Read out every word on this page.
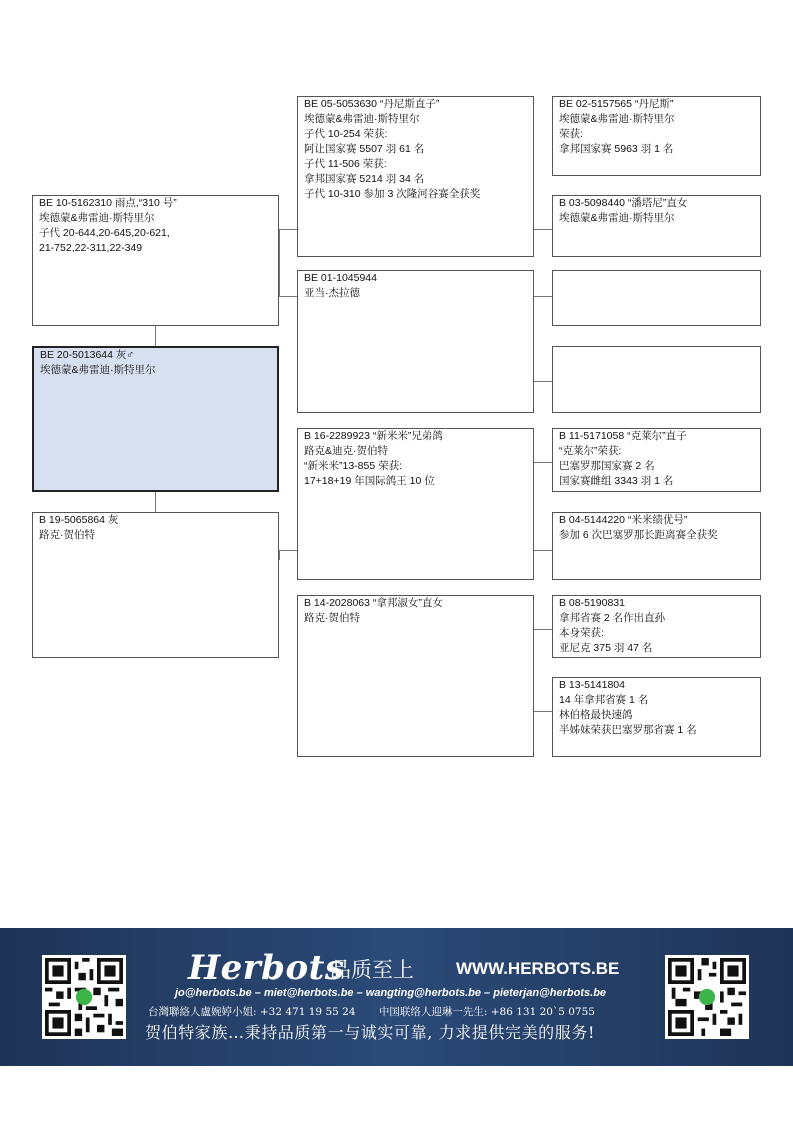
BE 10-5162310 雨点,“310 号”
埃德蒙&弗雷迪·斯特里尔
子代 20-644,20-645,20-621,
21-752,22-311,22-349
BE 20-5013644 灰♂
埃德蒙&弗雷迪·斯特里尔
B 19-5065864 灰
路克·贺伯特
BE 05-5053630 “丹尼斯直子”
埃德蒙&弗雷迪·斯特里尔
子代 10-254 荣获:
阿让国家赛 5507 羽 61 名
子代 11-506 荣获:
拿邦国家赛 5214 羽 34 名
子代 10-310 参加 3 次隆河谷赛全获奖
BE 01-1045944
亚当·杰拉德
B 16-2289923 “新米米”兄弟鸽
路克&迪克·贺伯特
“新米米”13-855 荣获:
17+18+19 年国际鸽王 10 位
B 14-2028063 “拿邦淑女”直女
路克·贺伯特
BE 02-5157565 “丹尼斯”
埃德蒙&弗雷迪·斯特里尔
荣获:
拿邦国家赛 5963 羽 1 名
B 03-5098440 “潘塔尼”直女
埃德蒙&弗雷迪·斯特里尔
B 11-5171058 “克莱尔”直子
“克莱尔”荣获:
巴塞罗那国家赛 2 名
国家赛雌组 3343 羽 1 名
B 04-5144220 “米米绩优号”
参加 6 次巴塞罗那长距离赛全获奖
B 08-5190831
拿邦省赛 2 名作出直孙
本身荣获:
亚尼克 375 羽 47 名
B 13-5141804
14 年拿邦省赛 1 名
林伯格最快速鸽
半姊妹荣获巴塞罗那省赛 1 名
Herbots
品质至上 WWW.HERBOTS.BE
jo@herbots.be – miet@herbots.be – wangting@herbots.be – pieterjan@herbots.be
台灣聯絡人盧婉婷小姐: +32 471 19 55 24 中国联络人迎琳一先生: +86 131 20`5 0755
贺伯特家族…秉持品质第一与诚实可靠, 力求提供完美的服务!
